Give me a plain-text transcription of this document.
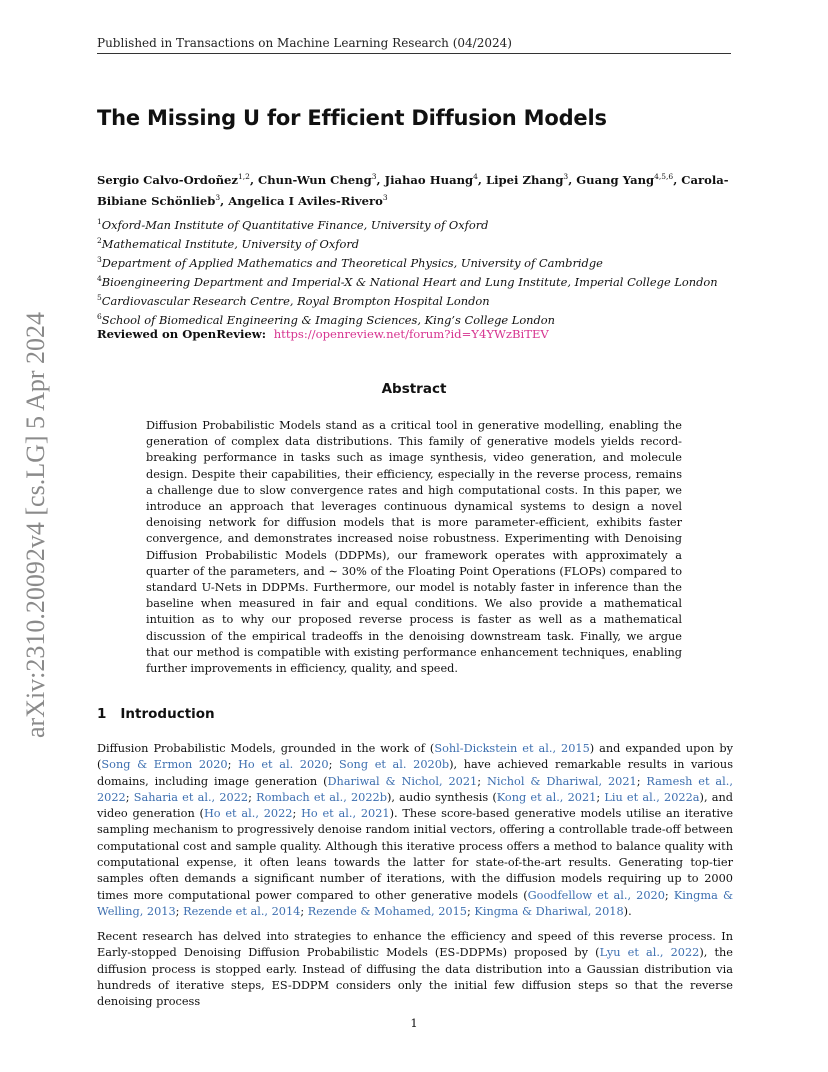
Published in Transactions on Machine Learning Research (04/2024)
The Missing U for Efficient Diffusion Models
Sergio Calvo-Ordoñez$^{1,2}$, Chun-Wun Cheng$^3$, Jiahao Huang$^4$, Lipei Zhang$^3$, Guang Yang$^{4,5,6}$, Carola-Bibiane Schönlieb$^3$, Angelica I Aviles-Rivero$^3$
$^1$Oxford-Man Institute of Quantitative Finance, University of Oxford
$^2$Mathematical Institute, University of Oxford
$^3$Department of Applied Mathematics and Theoretical Physics, University of Cambridge
$^4$Bioengineering Department and Imperial-X & National Heart and Lung Institute, Imperial College London
$^5$Cardiovascular Research Centre, Royal Brompton Hospital London
$^6$School of Biomedical Engineering & Imaging Sciences, King’s College London
Reviewed on OpenReview: https://openreview.net/forum?id=Y4YWzBiTEV
Abstract
Diffusion Probabilistic Models stand as a critical tool in generative modelling, enabling the generation of complex data distributions. This family of generative models yields record-breaking performance in tasks such as image synthesis, video generation, and molecule design. Despite their capabilities, their efficiency, especially in the reverse process, remains a challenge due to slow convergence rates and high computational costs. In this paper, we introduce an approach that leverages continuous dynamical systems to design a novel denoising network for diffusion models that is more parameter-efficient, exhibits faster convergence, and demonstrates increased noise robustness. Experimenting with Denoising Diffusion Probabilistic Models (DDPMs), our framework operates with approximately a quarter of the parameters, and ∼ 30% of the Floating Point Operations (FLOPs) compared to standard U-Nets in DDPMs. Furthermore, our model is notably faster in inference than the baseline when measured in fair and equal conditions. We also provide a mathematical intuition as to why our proposed reverse process is faster as well as a mathematical discussion of the empirical tradeoffs in the denoising downstream task. Finally, we argue that our method is compatible with existing performance enhancement techniques, enabling further improvements in efficiency, quality, and speed.
1 Introduction
Diffusion Probabilistic Models, grounded in the work of (Sohl-Dickstein et al., 2015) and expanded upon by (Song & Ermon 2020; Ho et al. 2020; Song et al. 2020b), have achieved remarkable results in various domains, including image generation (Dhariwal & Nichol, 2021; Nichol & Dhariwal, 2021; Ramesh et al., 2022; Saharia et al., 2022; Rombach et al., 2022b), audio synthesis (Kong et al., 2021; Liu et al., 2022a), and video generation (Ho et al., 2022; Ho et al., 2021). These score-based generative models utilise an iterative sampling mechanism to progressively denoise random initial vectors, offering a controllable trade-off between computational cost and sample quality. Although this iterative process offers a method to balance quality with computational expense, it often leans towards the latter for state-of-the-art results. Generating top-tier samples often demands a significant number of iterations, with the diffusion models requiring up to 2000 times more computational power compared to other generative models (Goodfellow et al., 2020; Kingma & Welling, 2013; Rezende et al., 2014; Rezende & Mohamed, 2015; Kingma & Dhariwal, 2018).
Recent research has delved into strategies to enhance the efficiency and speed of this reverse process. In Early-stopped Denoising Diffusion Probabilistic Models (ES-DDPMs) proposed by (Lyu et al., 2022), the diffusion process is stopped early. Instead of diffusing the data distribution into a Gaussian distribution via hundreds of iterative steps, ES-DDPM considers only the initial few diffusion steps so that the reverse denoising process
1
arXiv:2310.20092v4 [cs.LG] 5 Apr 2024
